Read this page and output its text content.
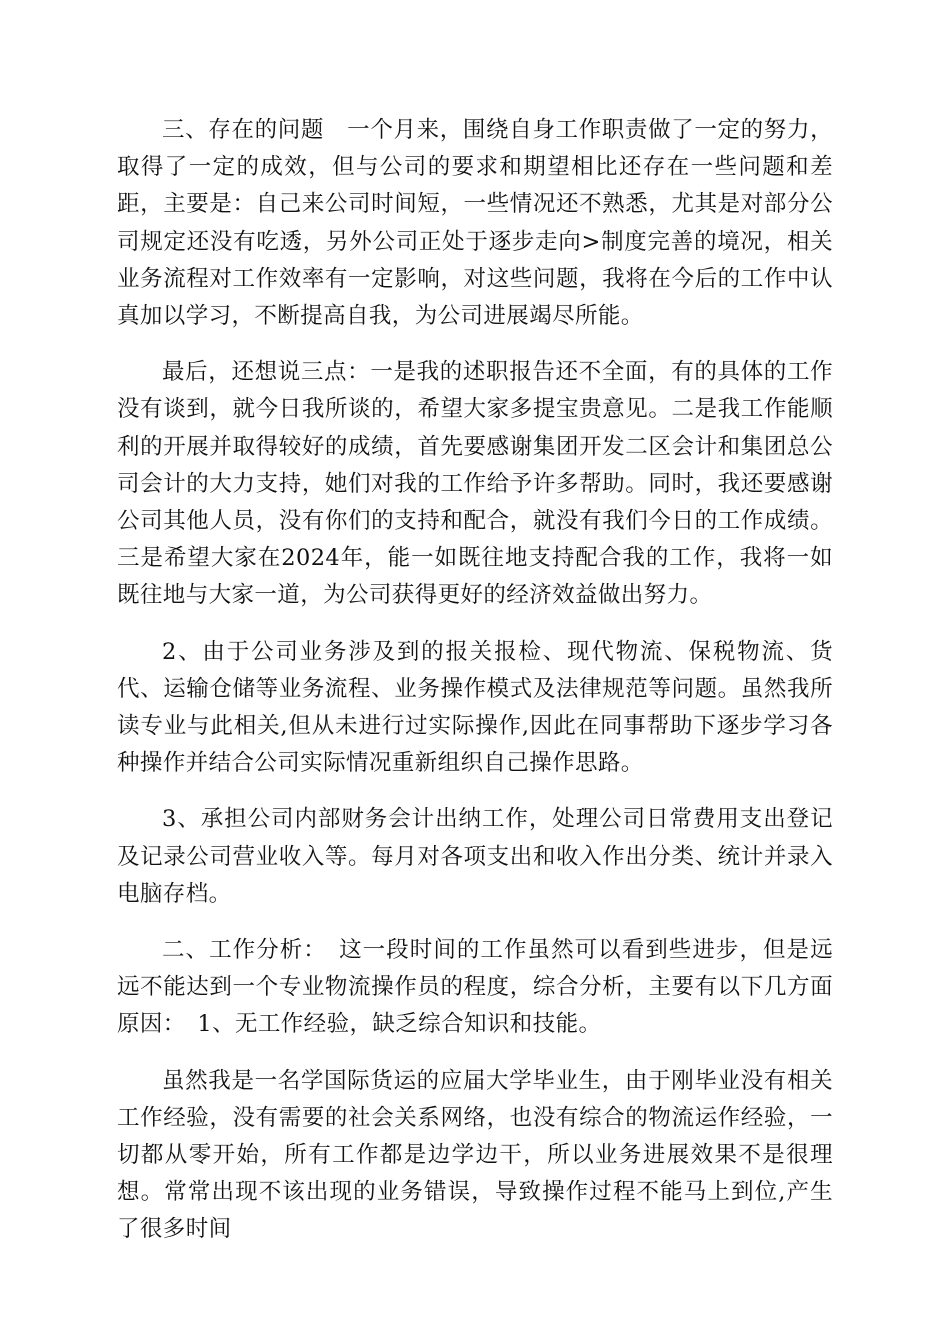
三、存在的问题　一个月来，围绕自身工作职责做了一定的努力，取得了一定的成效，但与公司的要求和期望相比还存在一些问题和差距，主要是：自己来公司时间短，一些情况还不熟悉，尤其是对部分公司规定还没有吃透，另外公司正处于逐步走向>制度完善的境况，相关业务流程对工作效率有一定影响，对这些问题，我将在今后的工作中认真加以学习，不断提高自我，为公司进展竭尽所能。

最后，还想说三点：一是我的述职报告还不全面，有的具体的工作没有谈到，就今日我所谈的，希望大家多提宝贵意见。二是我工作能顺利的开展并取得较好的成绩，首先要感谢集团开发二区会计和集团总公司会计的大力支持，她们对我的工作给予许多帮助。同时，我还要感谢公司其他人员，没有你们的支持和配合，就没有我们今日的工作成绩。三是希望大家在2024年，能一如既往地支持配合我的工作，我将一如既往地与大家一道，为公司获得更好的经济效益做出努力。

2、由于公司业务涉及到的报关报检、现代物流、保税物流、货代、运输仓储等业务流程、业务操作模式及法律规范等问题。虽然我所读专业与此相关,但从未进行过实际操作,因此在同事帮助下逐步学习各种操作并结合公司实际情况重新组织自己操作思路。

3、承担公司内部财务会计出纳工作，处理公司日常费用支出登记及记录公司营业收入等。每月对各项支出和收入作出分类、统计并录入电脑存档。

二、工作分析：　这一段时间的工作虽然可以看到些进步，但是远远不能达到一个专业物流操作员的程度，综合分析，主要有以下几方面原因：　1、无工作经验，缺乏综合知识和技能。

虽然我是一名学国际货运的应届大学毕业生，由于刚毕业没有相关工作经验，没有需要的社会关系网络，也没有综合的物流运作经验，一切都从零开始，所有工作都是边学边干，所以业务进展效果不是很理想。常常出现不该出现的业务错误，导致操作过程不能马上到位,产生了很多时间
